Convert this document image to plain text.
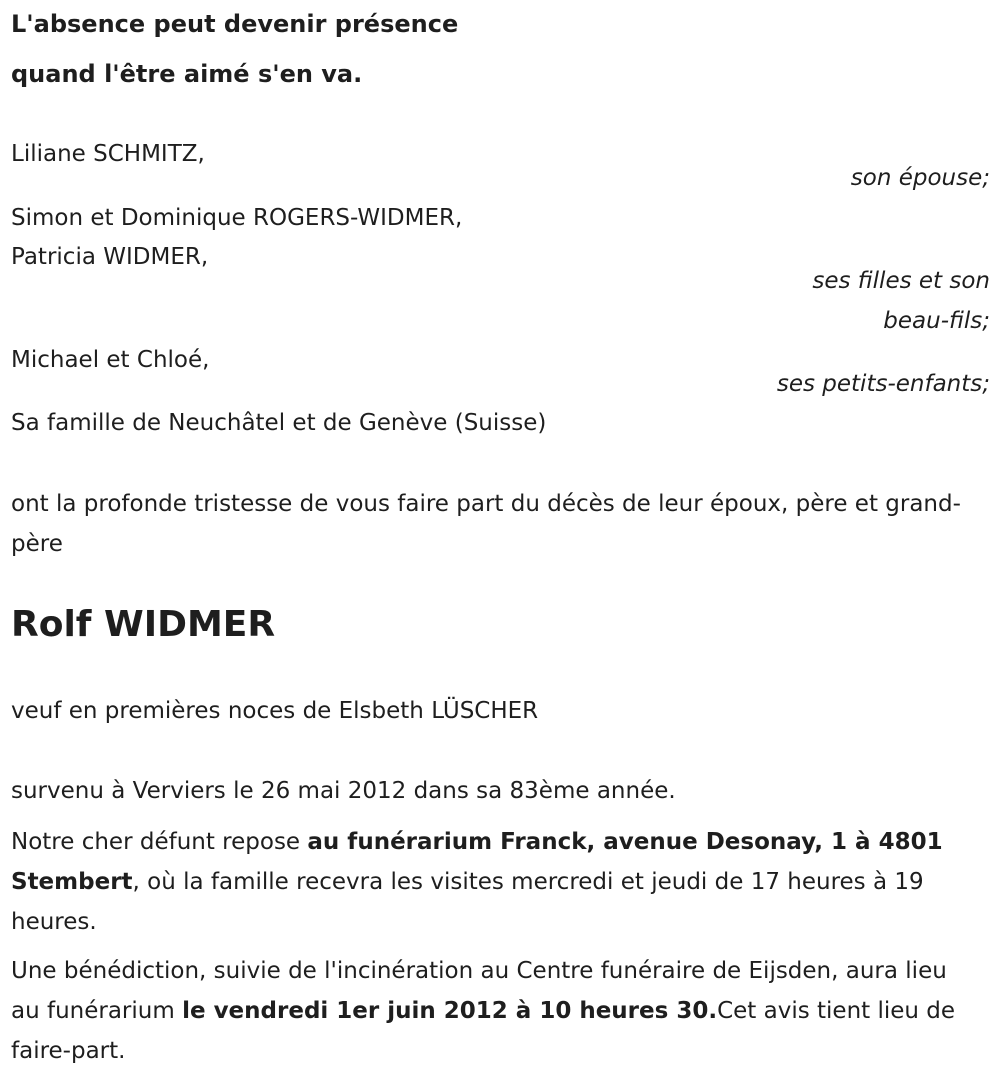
L'absence peut devenir présence
quand l'être aimé s'en va.
Liliane SCHMITZ,
son épouse;
Simon et Dominique ROGERS-WIDMER,
Patricia WIDMER,
ses filles et son
beau-fils;
Michael et Chloé,
ses petits-enfants;
Sa famille de Neuchâtel et de Genève (Suisse)
ont la profonde tristesse de vous faire part du décès de leur époux, père et grand-père
Rolf WIDMER
veuf en premières noces de Elsbeth LÜSCHER
survenu à Verviers le 26 mai 2012 dans sa 83ème année.
Notre cher défunt repose au funérarium Franck, avenue Desonay, 1 à 4801 Stembert, où la famille recevra les visites mercredi et jeudi de 17 heures à 19 heures.
Une bénédiction, suivie de l'incinération au Centre funéraire de Eijsden, aura lieu au funérarium le vendredi 1er juin 2012 à 10 heures 30.Cet avis tient lieu de faire-part.
